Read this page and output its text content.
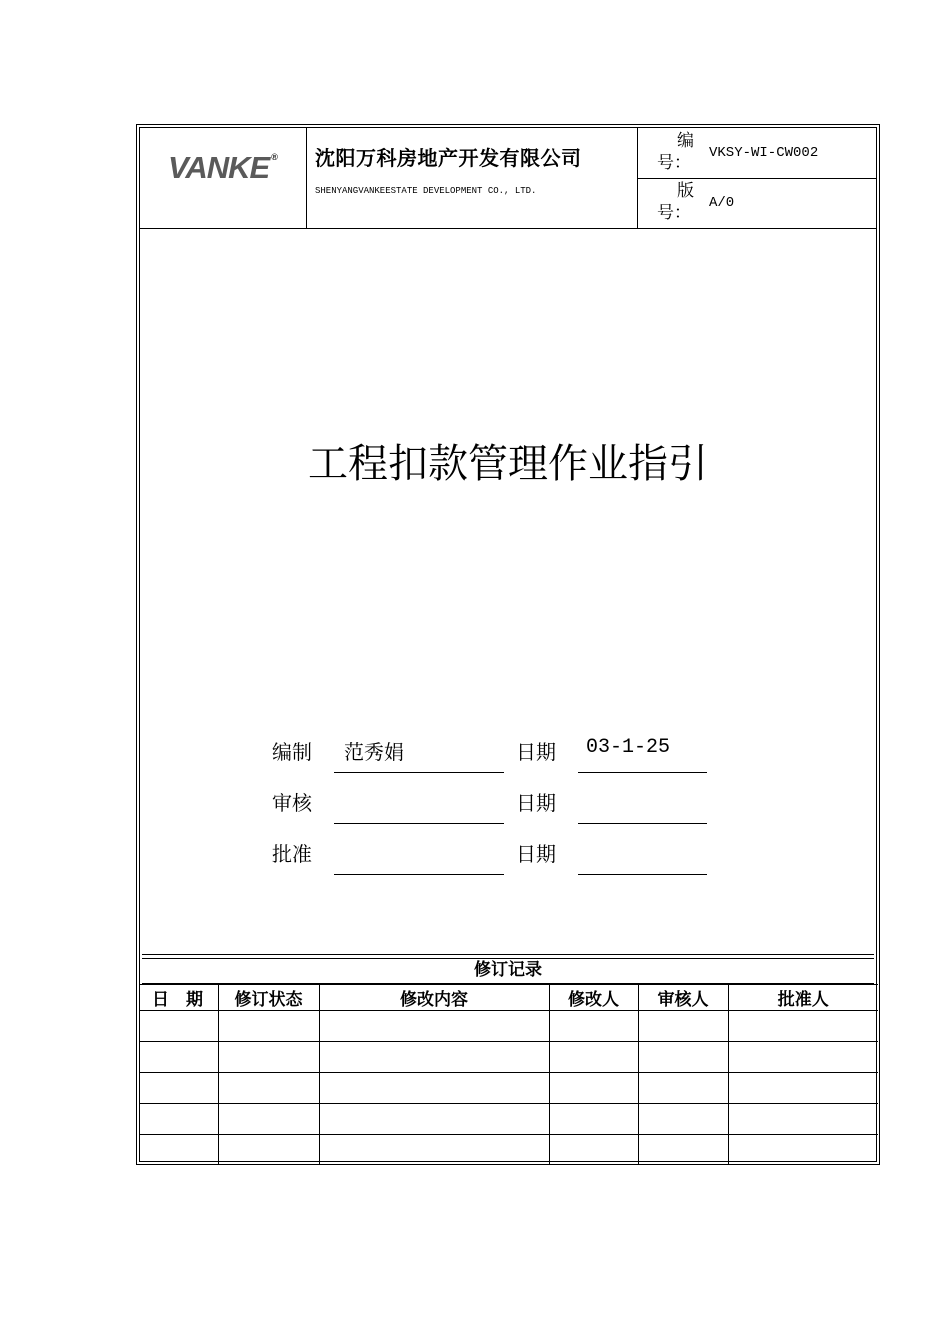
VANKE ® 沈阳万科房地产开发有限公司
SHENYANGVANKEESTATE DEVELOPMENT CO., LTD.
编
号：	VKSY-WI-CW002
版
号：	A/0
工程扣款管理作业指引
编制 范秀娟	日期 03-1-25
审核	日期
批准	日期
修订记录
日　期	修订状态	修改内容	修改人	审核人	批准人
